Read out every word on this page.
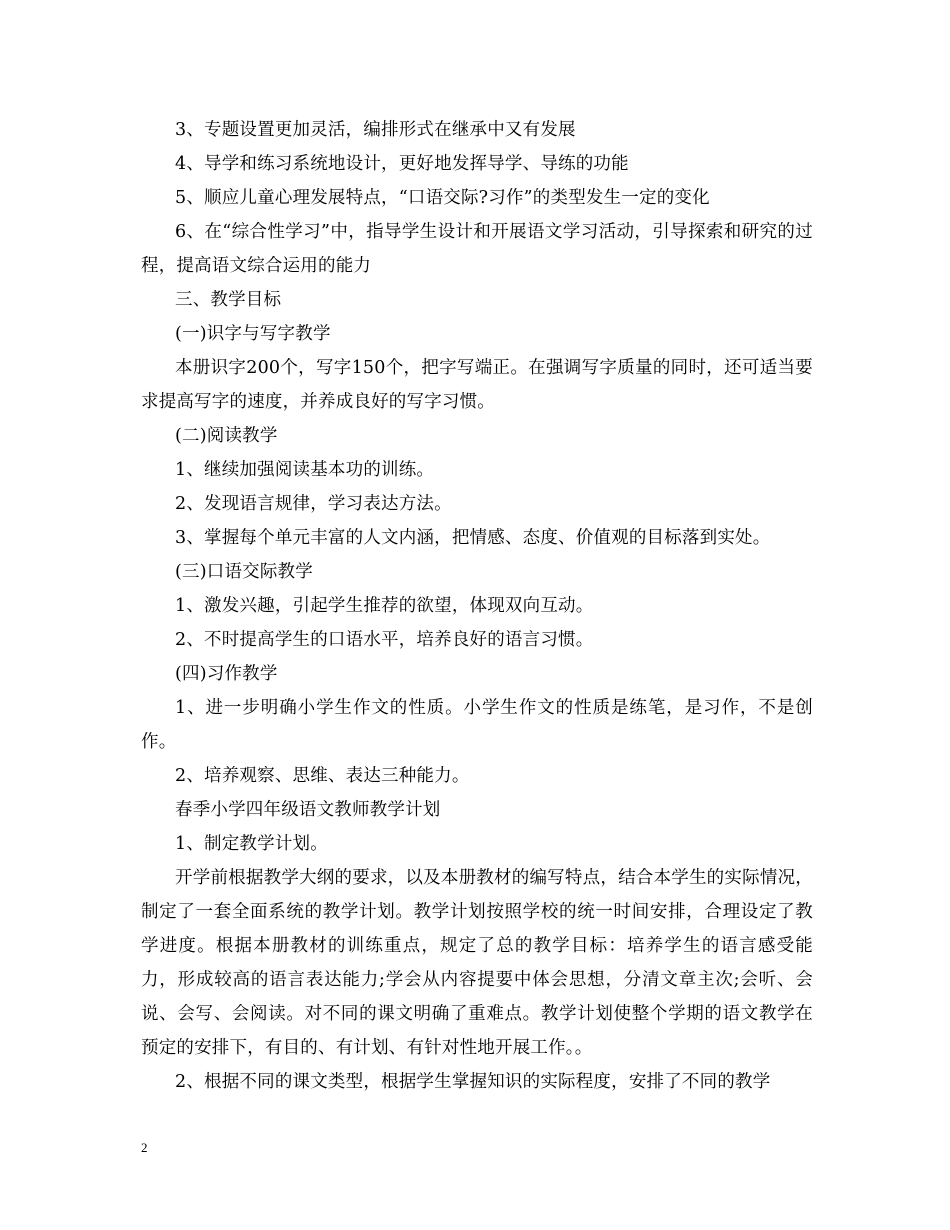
3、专题设置更加灵活，编排形式在继承中又有发展

4、导学和练习系统地设计，更好地发挥导学、导练的功能

5、顺应儿童心理发展特点，“口语交际?习作”的类型发生一定的变化

6、在“综合性学习”中，指导学生设计和开展语文学习活动，引导探索和研究的过程，提高语文综合运用的能力

三、教学目标

(一)识字与写字教学

本册识字200个，写字150个，把字写端正。在强调写字质量的同时，还可适当要求提高写字的速度，并养成良好的写字习惯。

(二)阅读教学

1、继续加强阅读基本功的训练。

2、发现语言规律，学习表达方法。

3、掌握每个单元丰富的人文内涵，把情感、态度、价值观的目标落到实处。

(三)口语交际教学

1、激发兴趣，引起学生推荐的欲望，体现双向互动。

2、不时提高学生的口语水平，培养良好的语言习惯。

(四)习作教学

1、进一步明确小学生作文的性质。小学生作文的性质是练笔，是习作，不是创作。

2、培养观察、思维、表达三种能力。

春季小学四年级语文教师教学计划

1、制定教学计划。

开学前根据教学大纲的要求，以及本册教材的编写特点，结合本学生的实际情况，制定了一套全面系统的教学计划。教学计划按照学校的统一时间安排，合理设定了教学进度。根据本册教材的训练重点，规定了总的教学目标：培养学生的语言感受能力，形成较高的语言表达能力;学会从内容提要中体会思想，分清文章主次;会听、会说、会写、会阅读。对不同的课文明确了重难点。教学计划使整个学期的语文教学在预定的安排下，有目的、有计划、有针对性地开展工作。。

2、根据不同的课文类型，根据学生掌握知识的实际程度，安排了不同的教学

2
